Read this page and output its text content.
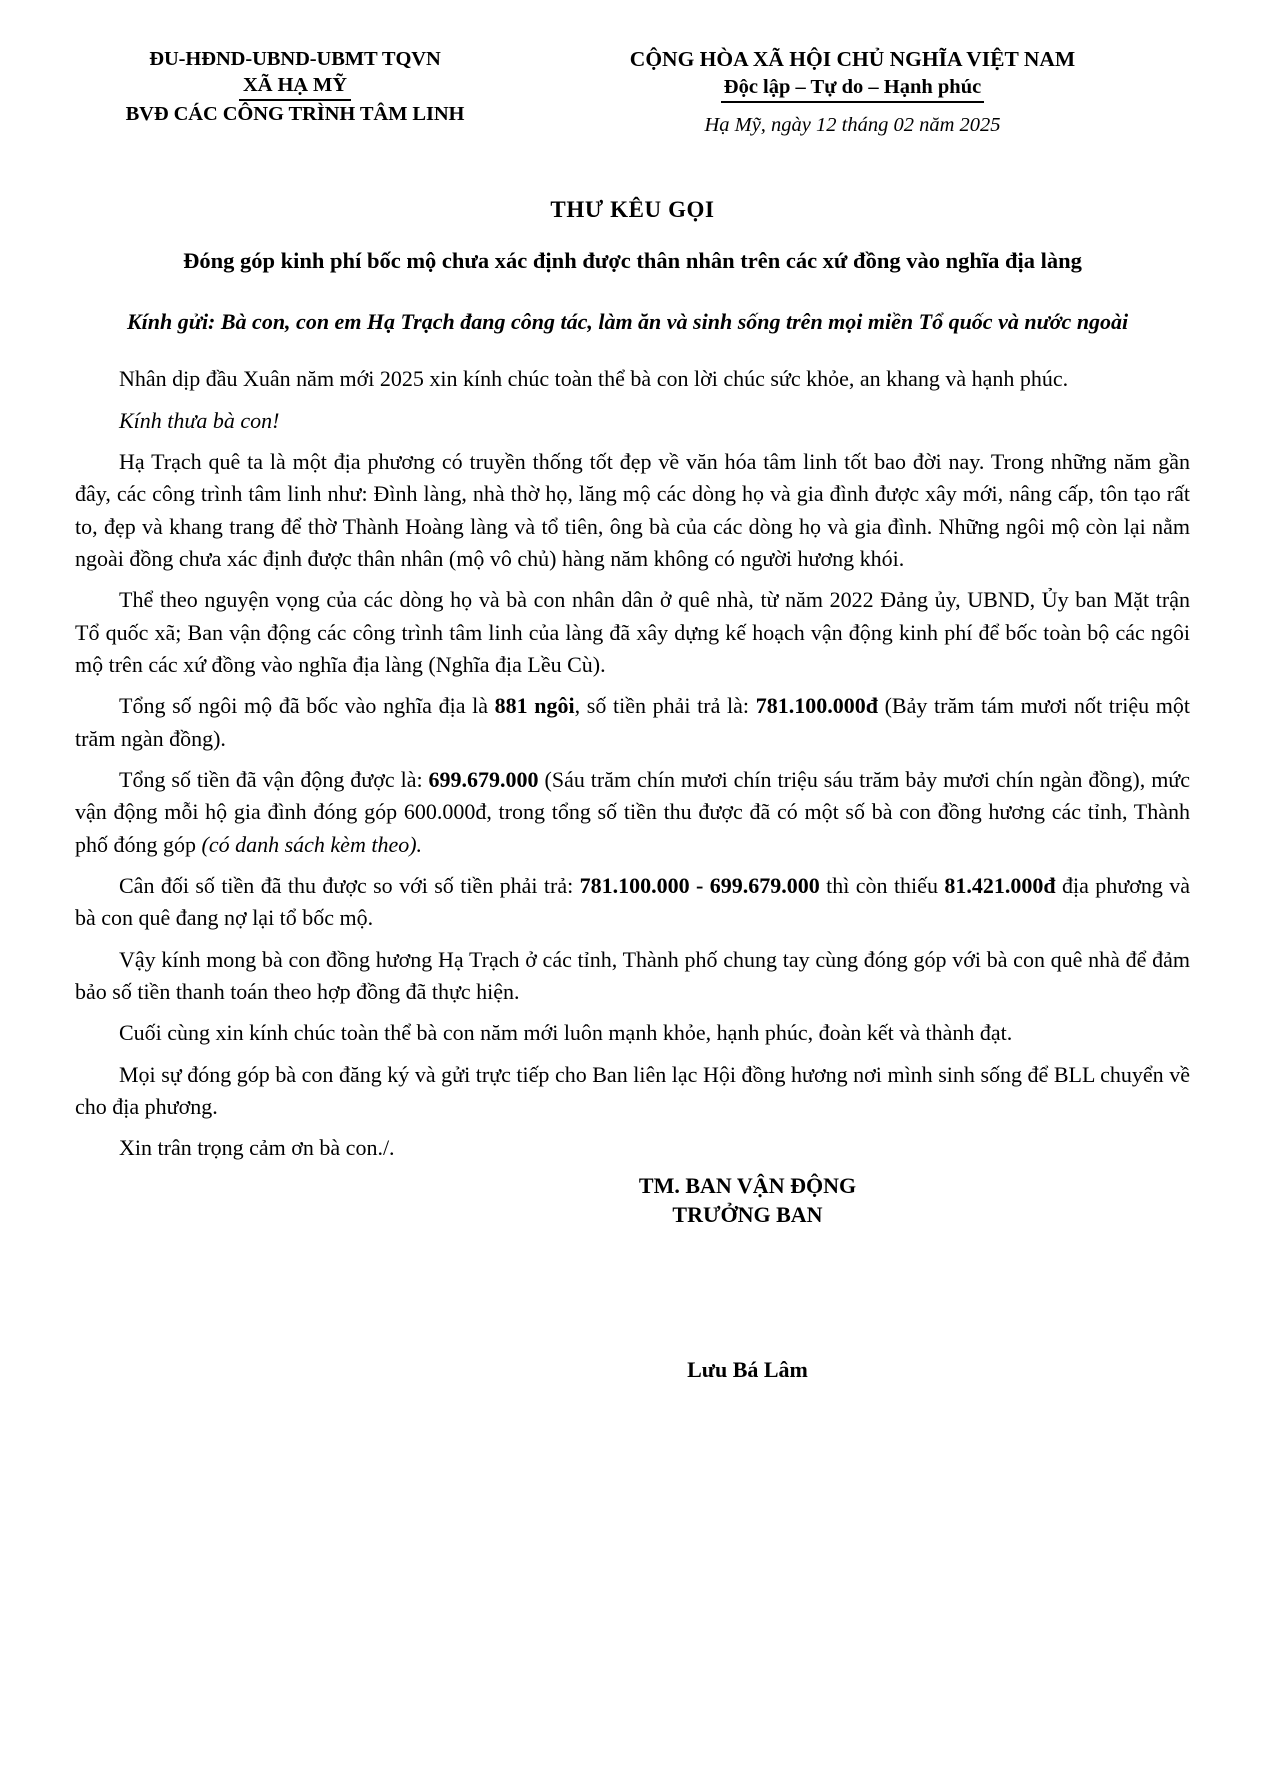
ĐU-HĐND-UBND-UBMT TQVN
XÃ HẠ MỸ
BVĐ CÁC CÔNG TRÌNH TÂM LINH
CỘNG HÒA XÃ HỘI CHỦ NGHĨA VIỆT NAM
Độc lập – Tự do – Hạnh phúc
Hạ Mỹ, ngày 12 tháng 02 năm 2025
THƯ KÊU GỌI
Đóng góp kinh phí bốc mộ chưa xác định được thân nhân trên các xứ đồng vào nghĩa địa làng
Kính gửi: Bà con, con em Hạ Trạch đang công tác, làm ăn và sinh sống trên mọi miền Tổ quốc và nước ngoài

Nhân dịp đầu Xuân năm mới 2025 xin kính chúc toàn thể bà con lời chúc sức khỏe, an khang và hạnh phúc.

Kính thưa bà con!

Hạ Trạch quê ta là một địa phương có truyền thống tốt đẹp về văn hóa tâm linh tốt bao đời nay. Trong những năm gần đây, các công trình tâm linh như: Đình làng, nhà thờ họ, lăng mộ các dòng họ và gia đình được xây mới, nâng cấp, tôn tạo rất to, đẹp và khang trang để thờ Thành Hoàng làng và tổ tiên, ông bà của các dòng họ và gia đình. Những ngôi mộ còn lại nằm ngoài đồng chưa xác định được thân nhân (mộ vô chủ) hàng năm không có người hương khói.

Thể theo nguyện vọng của các dòng họ và bà con nhân dân ở quê nhà, từ năm 2022 Đảng ủy, UBND, Ủy ban Mặt trận Tổ quốc xã; Ban vận động các công trình tâm linh của làng đã xây dựng kế hoạch vận động kinh phí để bốc toàn bộ các ngôi mộ trên các xứ đồng vào nghĩa địa làng (Nghĩa địa Lều Cù).

Tổng số ngôi mộ đã bốc vào nghĩa địa là 881 ngôi, số tiền phải trả là: 781.100.000đ (Bảy trăm tám mươi nốt triệu một trăm ngàn đồng).

Tổng số tiền đã vận động được là: 699.679.000 (Sáu trăm chín mươi chín triệu sáu trăm bảy mươi chín ngàn đồng), mức vận động mỗi hộ gia đình đóng góp 600.000đ, trong tổng số tiền thu được đã có một số bà con đồng hương các tỉnh, Thành phố đóng góp (có danh sách kèm theo).

Cân đối số tiền đã thu được so với số tiền phải trả: 781.100.000 - 699.679.000 thì còn thiếu 81.421.000đ địa phương và bà con quê đang nợ lại tổ bốc mộ.

Vậy kính mong bà con đồng hương Hạ Trạch ở các tỉnh, Thành phố chung tay cùng đóng góp với bà con quê nhà để đảm bảo số tiền thanh toán theo hợp đồng đã thực hiện.

Cuối cùng xin kính chúc toàn thể bà con năm mới luôn mạnh khỏe, hạnh phúc, đoàn kết và thành đạt.

Mọi sự đóng góp bà con đăng ký và gửi trực tiếp cho Ban liên lạc Hội đồng hương nơi mình sinh sống để BLL chuyển về cho địa phương.

Xin trân trọng cảm ơn bà con./.

TM. BAN VẬN ĐỘNG
TRƯỞNG BAN
Lưu Bá Lâm
